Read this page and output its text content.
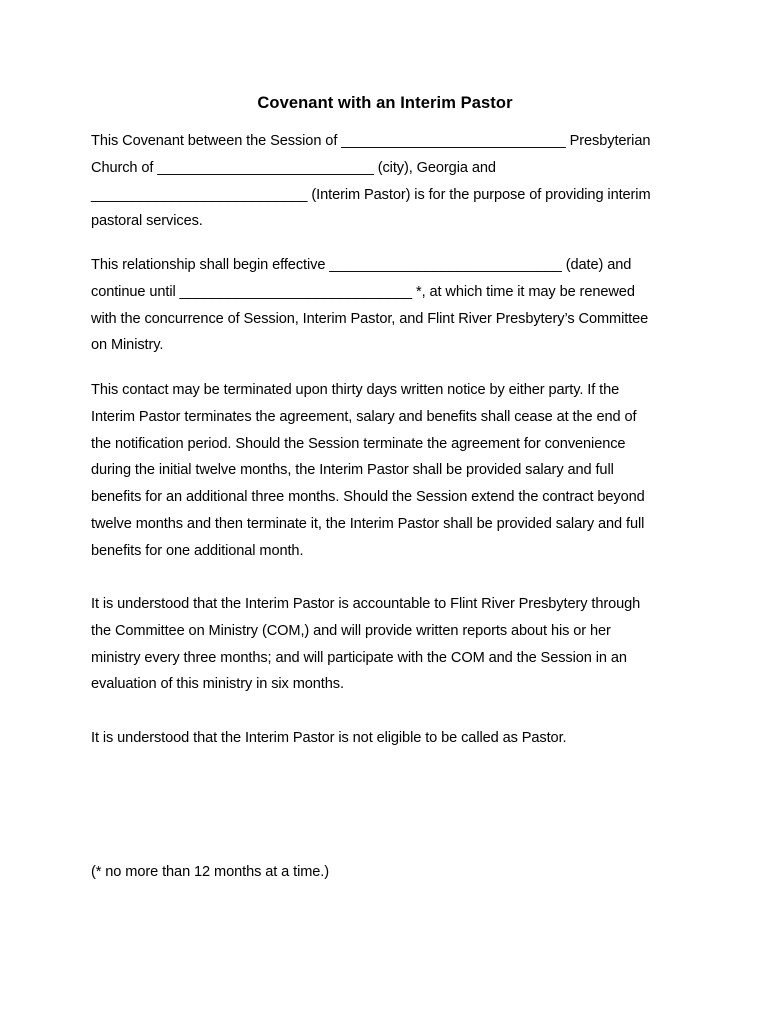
Covenant with an Interim Pastor
This Covenant between the Session of ____________________________ Presbyterian
Church of ___________________________ (city), Georgia and
___________________________ (Interim Pastor) is for the purpose of providing interim
pastoral services.
This relationship shall begin effective _____________________________ (date) and
continue until _____________________________ *, at which time it may be renewed
with the concurrence of Session, Interim Pastor, and Flint River Presbytery’s Committee
on Ministry.
This contact may be terminated upon thirty days written notice by either party. If the
Interim Pastor terminates the agreement, salary and benefits shall cease at the end of
the notification period. Should the Session terminate the agreement for convenience
during the initial twelve months, the Interim Pastor shall be provided salary and full
benefits for an additional three months. Should the Session extend the contract beyond
twelve months and then terminate it, the Interim Pastor shall be provided salary and full
benefits for one additional month.
It is understood that the Interim Pastor is accountable to Flint River Presbytery through
the Committee on Ministry (COM,) and will provide written reports about his or her
ministry every three months; and will participate with the COM and the Session in an
evaluation of this ministry in six months.
It is understood that the Interim Pastor is not eligible to be called as Pastor.
(* no more than 12 months at a time.)
